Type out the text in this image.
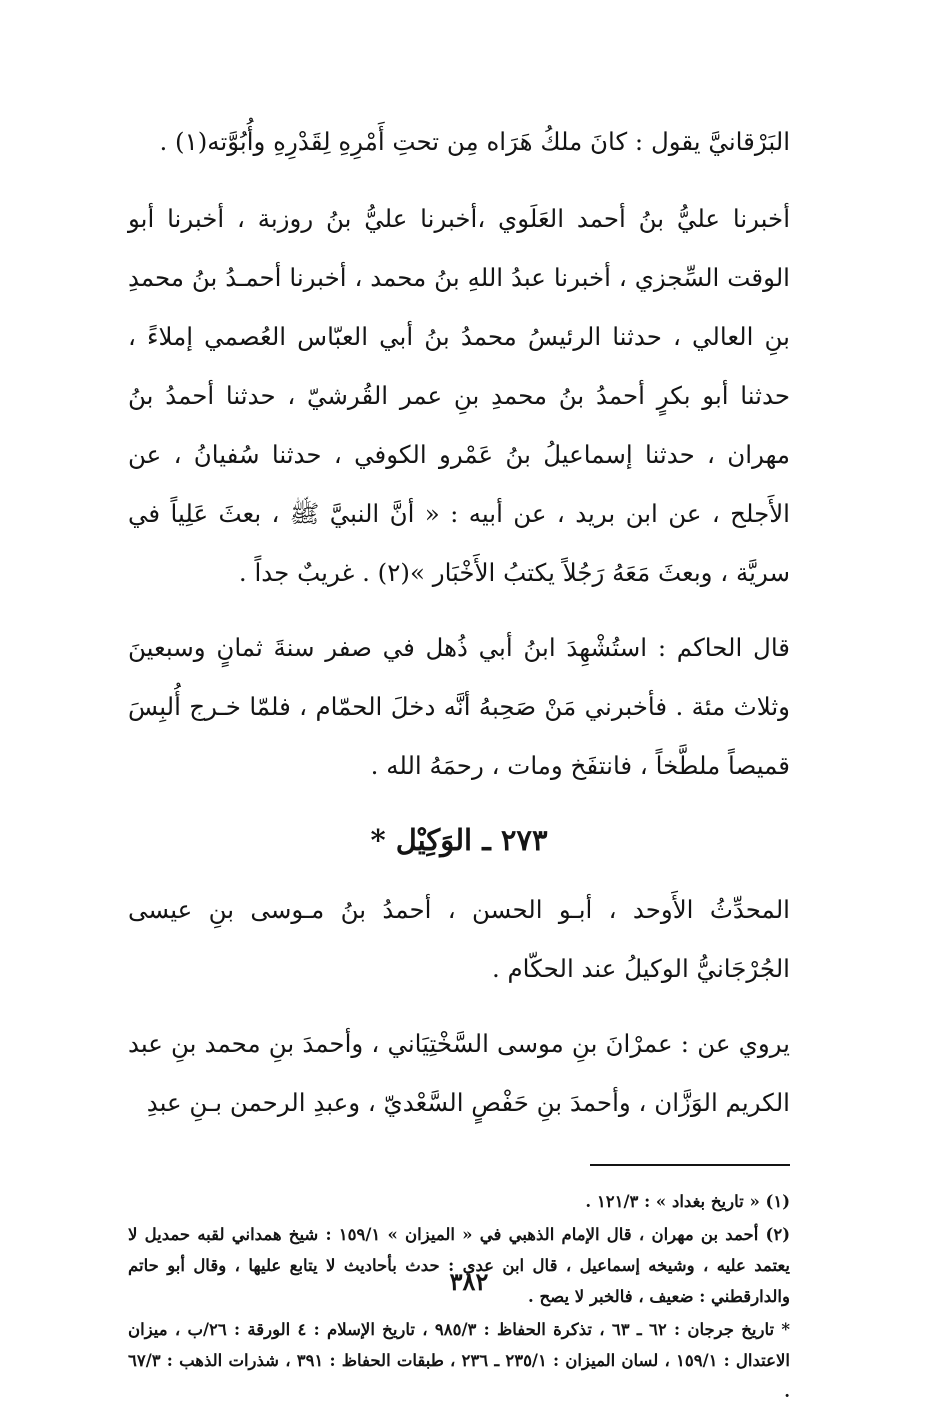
البَرْقانيَّ يقول : كانَ ملكُ هَرَاه مِن تحتِ أَمْرِهِ لِقَدْرِهِ وأُبُوَّته(١) .

أخبرنا عليُّ بنُ أحمد العَلَوي ،أخبرنا عليُّ بنُ روزبة ، أخبرنا أبو الوقت السِّجزي ، أخبرنا عبدُ اللهِ بنُ محمد ، أخبرنا أحمـدُ بنُ محمدِ بنِ العالي ، حدثنا الرئيسُ محمدُ بنُ أبي العبّاس العُصمي إملاءً ، حدثنا أبو بكرٍ أحمدُ بنُ محمدِ بنِ عمر القُرشيّ ، حدثنا أحمدُ بنُ مهران ، حدثنا إسماعيلُ بنُ عَمْرو الكوفي ، حدثنا سُفيانُ ، عن الأَجلح ، عن ابن بريد ، عن أبيه : « أنَّ النبيَّ ﷺ ، بعثَ عَلِياً في سريَّة ، وبعثَ مَعَهُ رَجُلاً يكتبُ الأَخْبَار »(٢) . غريبٌ جداً .

قال الحاكم : استُشْهِدَ ابنُ أبي ذُهل في صفر سنةَ ثمانٍ وسبعينَ وثلاث مئة . فأخبرني مَنْ صَحِبهُ أنَّه دخلَ الحمّام ، فلمّا خـرج أُلبِسَ قميصاً ملطَّخاً ، فانتفَخ ومات ، رحمَهُ الله .

٢٧٣ ـ الوَكِيْل *

المحدِّثُ الأَوحد ، أبـو الحسن ، أحمدُ بنُ مـوسى بنِ عيسى الجُرْجَانيُّ الوكيلُ عند الحكّام .

يروي عن : عمرْانَ بنِ موسى السَّخْتِيَاني ، وأحمدَ بنِ محمد بنِ عبد الكريم الوَزَّان ، وأحمدَ بنِ حَفْصٍ السَّعْديّ ، وعبدِ الرحمن بـنِ عبدِ

(١) « تاريخ بغداد » : ١٢١/٣ .

(٢) أحمد بن مهران ، قال الإمام الذهبي في « الميزان » ١٥٩/١ : شيخ همداني لقبه حمديل لا يعتمد عليه ، وشيخه إسماعيل ، قال ابن عدي : حدث بأحاديث لا يتابع عليها ، وقال أبو حاتم والدارقطني : ضعيف ، فالخبر لا يصح .

* تاريخ جرجان : ٦٢ ـ ٦٣ ، تذكرة الحفاظ : ٩٨٥/٣ ، تاريخ الإسلام : ٤ الورقة : ٢٦/ب ، ميزان الاعتدال : ١٥٩/١ ، لسان الميزان : ٢٣٥/١ ـ ٢٣٦ ، طبقات الحفاظ : ٣٩١ ، شذرات الذهب : ٦٧/٣ .

٣٨٢
